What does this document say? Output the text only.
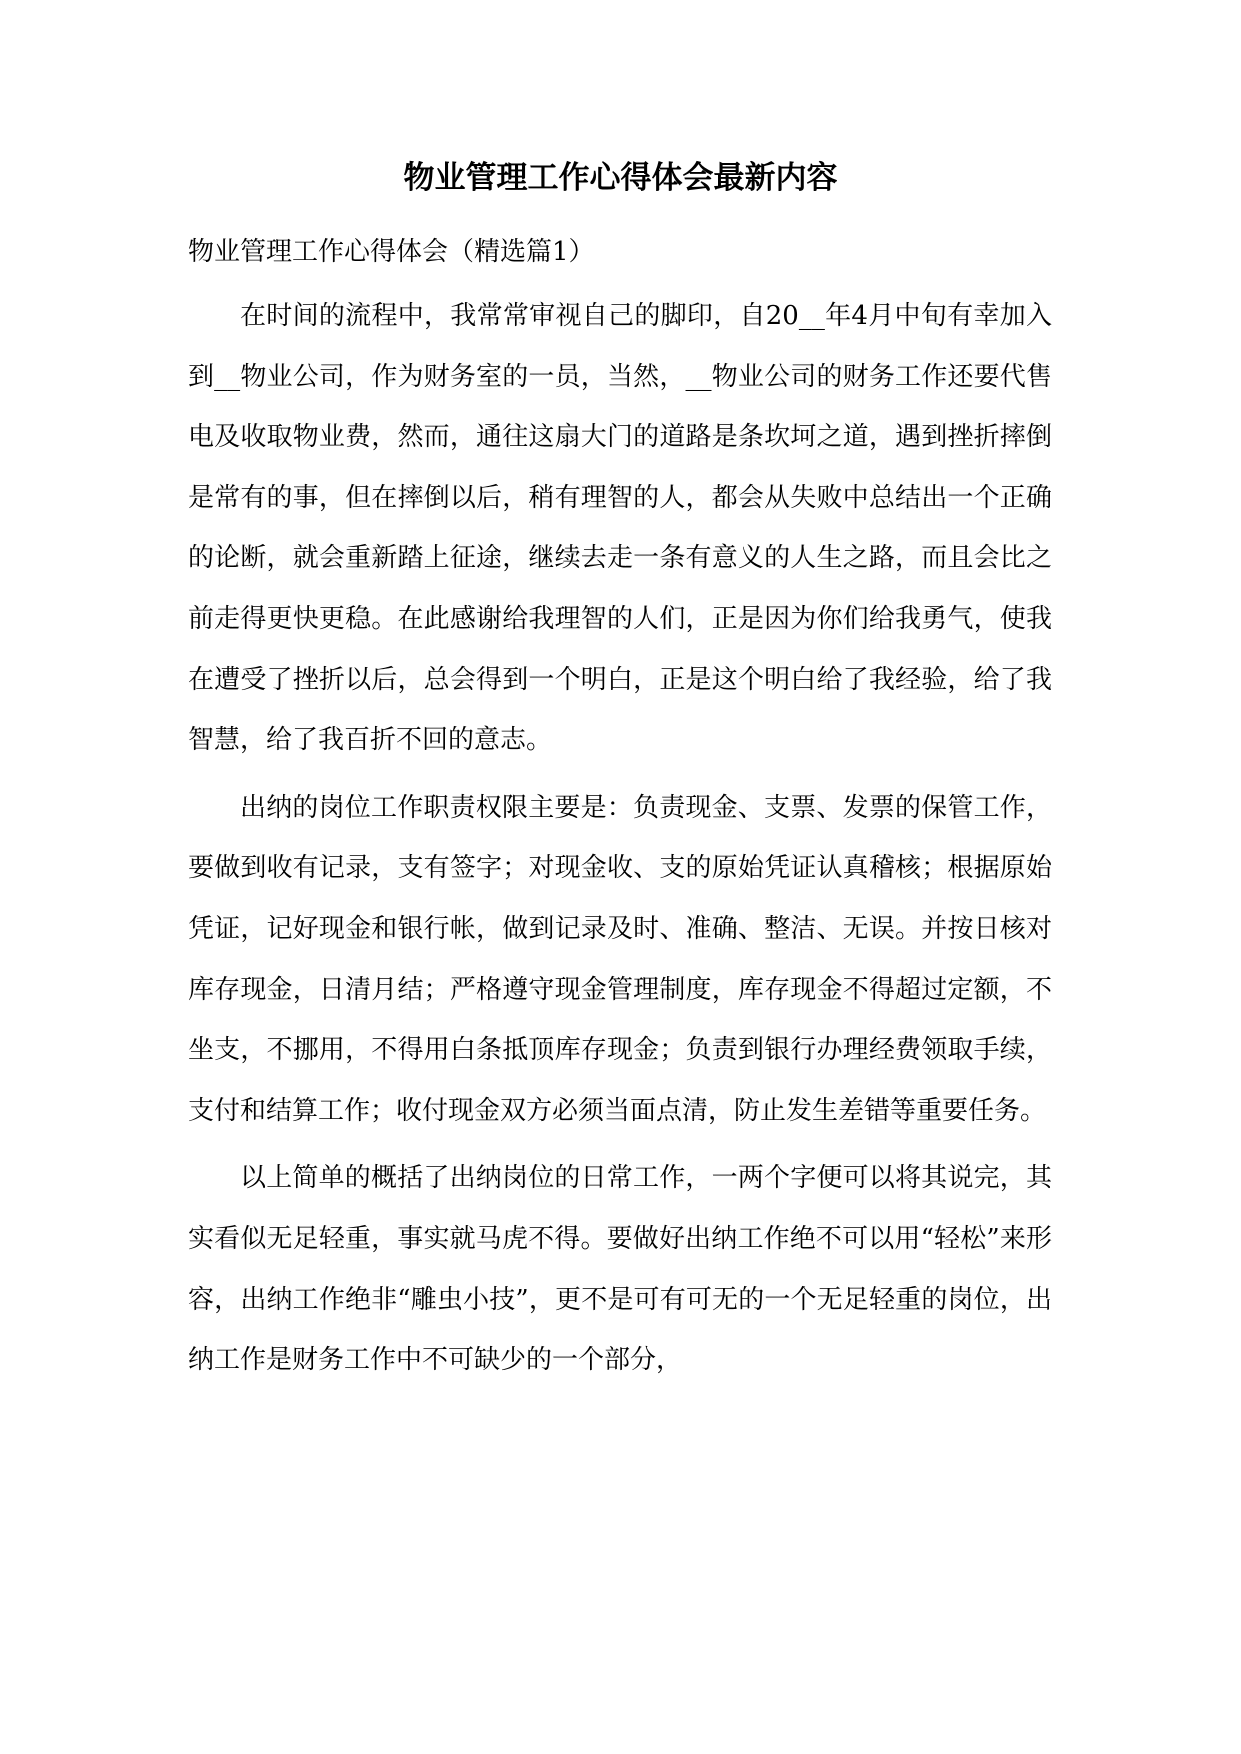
物业管理工作心得体会最新内容

物业管理工作心得体会（精选篇1）

在时间的流程中，我常常审视自己的脚印，自20__年4月中旬有幸加入到__物业公司，作为财务室的一员，当然，__物业公司的财务工作还要代售电及收取物业费，然而，通往这扇大门的道路是条坎坷之道，遇到挫折摔倒是常有的事，但在摔倒以后，稍有理智的人，都会从失败中总结出一个正确的论断，就会重新踏上征途，继续去走一条有意义的人生之路，而且会比之前走得更快更稳。在此感谢给我理智的人们，正是因为你们给我勇气，使我在遭受了挫折以后，总会得到一个明白，正是这个明白给了我经验，给了我智慧，给了我百折不回的意志。

出纳的岗位工作职责权限主要是：负责现金、支票、发票的保管工作，要做到收有记录，支有签字；对现金收、支的原始凭证认真稽核；根据原始凭证，记好现金和银行帐，做到记录及时、准确、整洁、无误。并按日核对库存现金，日清月结；严格遵守现金管理制度，库存现金不得超过定额，不坐支，不挪用，不得用白条抵顶库存现金；负责到银行办理经费领取手续，支付和结算工作；收付现金双方必须当面点清，防止发生差错等重要任务。

以上简单的概括了出纳岗位的日常工作，一两个字便可以将其说完，其实看似无足轻重，事实就马虎不得。要做好出纳工作绝不可以用“轻松”来形容，出纳工作绝非“雕虫小技”，更不是可有可无的一个无足轻重的岗位，出纳工作是财务工作中不可缺少的一个部分，
